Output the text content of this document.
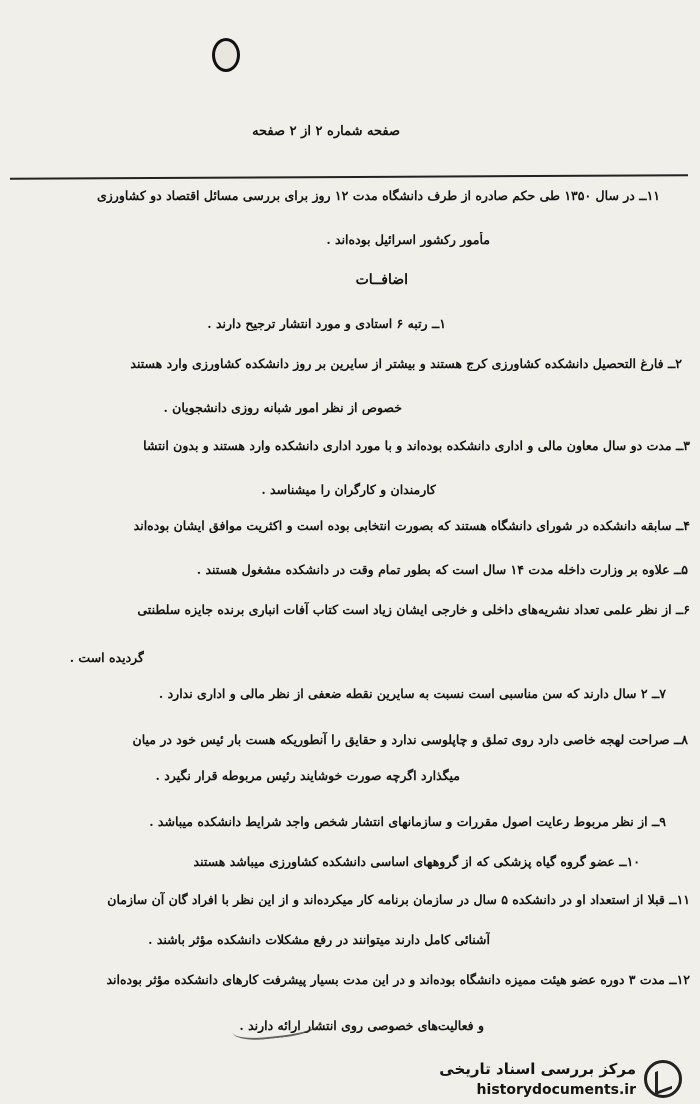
صفحه شماره ۲ از ۲ صفحه
۱۱ــ در سال ۱۳۵۰ طی حکم صادره از طرف دانشگاه مدت ۱۲ روز برای بررسی مسائل اقتصاد دو کشاورزی
مأمور رکشور اسرائیل بوده‌اند .
اضافــات
۱ــ رتبه ۶ استادی و مورد انتشار ترجیح دارند .
۲ــ فارغ التحصیل دانشکده کشاورزی کرج هستند و بیشتر از سایرین بر روز دانشکده کشاورزی وارد هستند
خصوص از نظر امور شبانه روزی دانشجویان .
۳ــ مدت دو سال معاون مالی و اداری دانشکده بوده‌اند و با مورد اداری دانشکده وارد هستند و بدون انتشا
کارمندان و کارگران را میشناسد .
۴ــ سابقه دانشکده در شورای دانشگاه هستند که بصورت انتخابی بوده است و اکثریت موافق ایشان بوده‌اند
۵ــ علاوه بر وزارت داخله مدت ۱۴ سال است که بطور تمام وقت در دانشکده مشغول هستند .
۶ــ از نظر علمی تعداد نشریه‌های داخلی و خارجی ایشان زیاد است کتاب آفات انباری برنده جایزه سلطنتی
گردیده است .
۷ــ ۲ سال دارند که سن مناسبی است نسبت به سایرین نقطه ضعفی از نظر مالی و اداری ندارد .
۸ــ صراحت لهجه خاصی دارد روی تملق و چاپلوسی ندارد و حقایق را آنطوریکه هست بار ئیس خود در میان
میگذارد اگرچه صورت خوشایند رئیس مربوطه قرار نگیرد .
۹ــ از نظر مربوط رعایت اصول مقررات و سازمانهای انتشار شخص واجد شرایط دانشکده میباشد .
۱۰ــ عضو گروه گیاه پزشکی که از گروههای اساسی دانشکده کشاورزی میباشد هستند
۱۱ــ قبلا از استعداد او در دانشکده ۵ سال در سازمان برنامه کار میکرده‌اند و از این نظر با افراد گان آن سازمان
آشنائی کامل دارند میتوانند در رفع مشکلات دانشکده مؤثر باشند .
۱۲ــ مدت ۳ دوره عضو هیئت ممیزه دانشگاه بوده‌اند و در این مدت بسیار پیشرفت کارهای دانشکده مؤثر بوده‌اند
و فعالیت‌های خصوصی روی انتشار ارائه دارند .
مرکز بررسی اسناد تاریخی
historydocuments.ir
